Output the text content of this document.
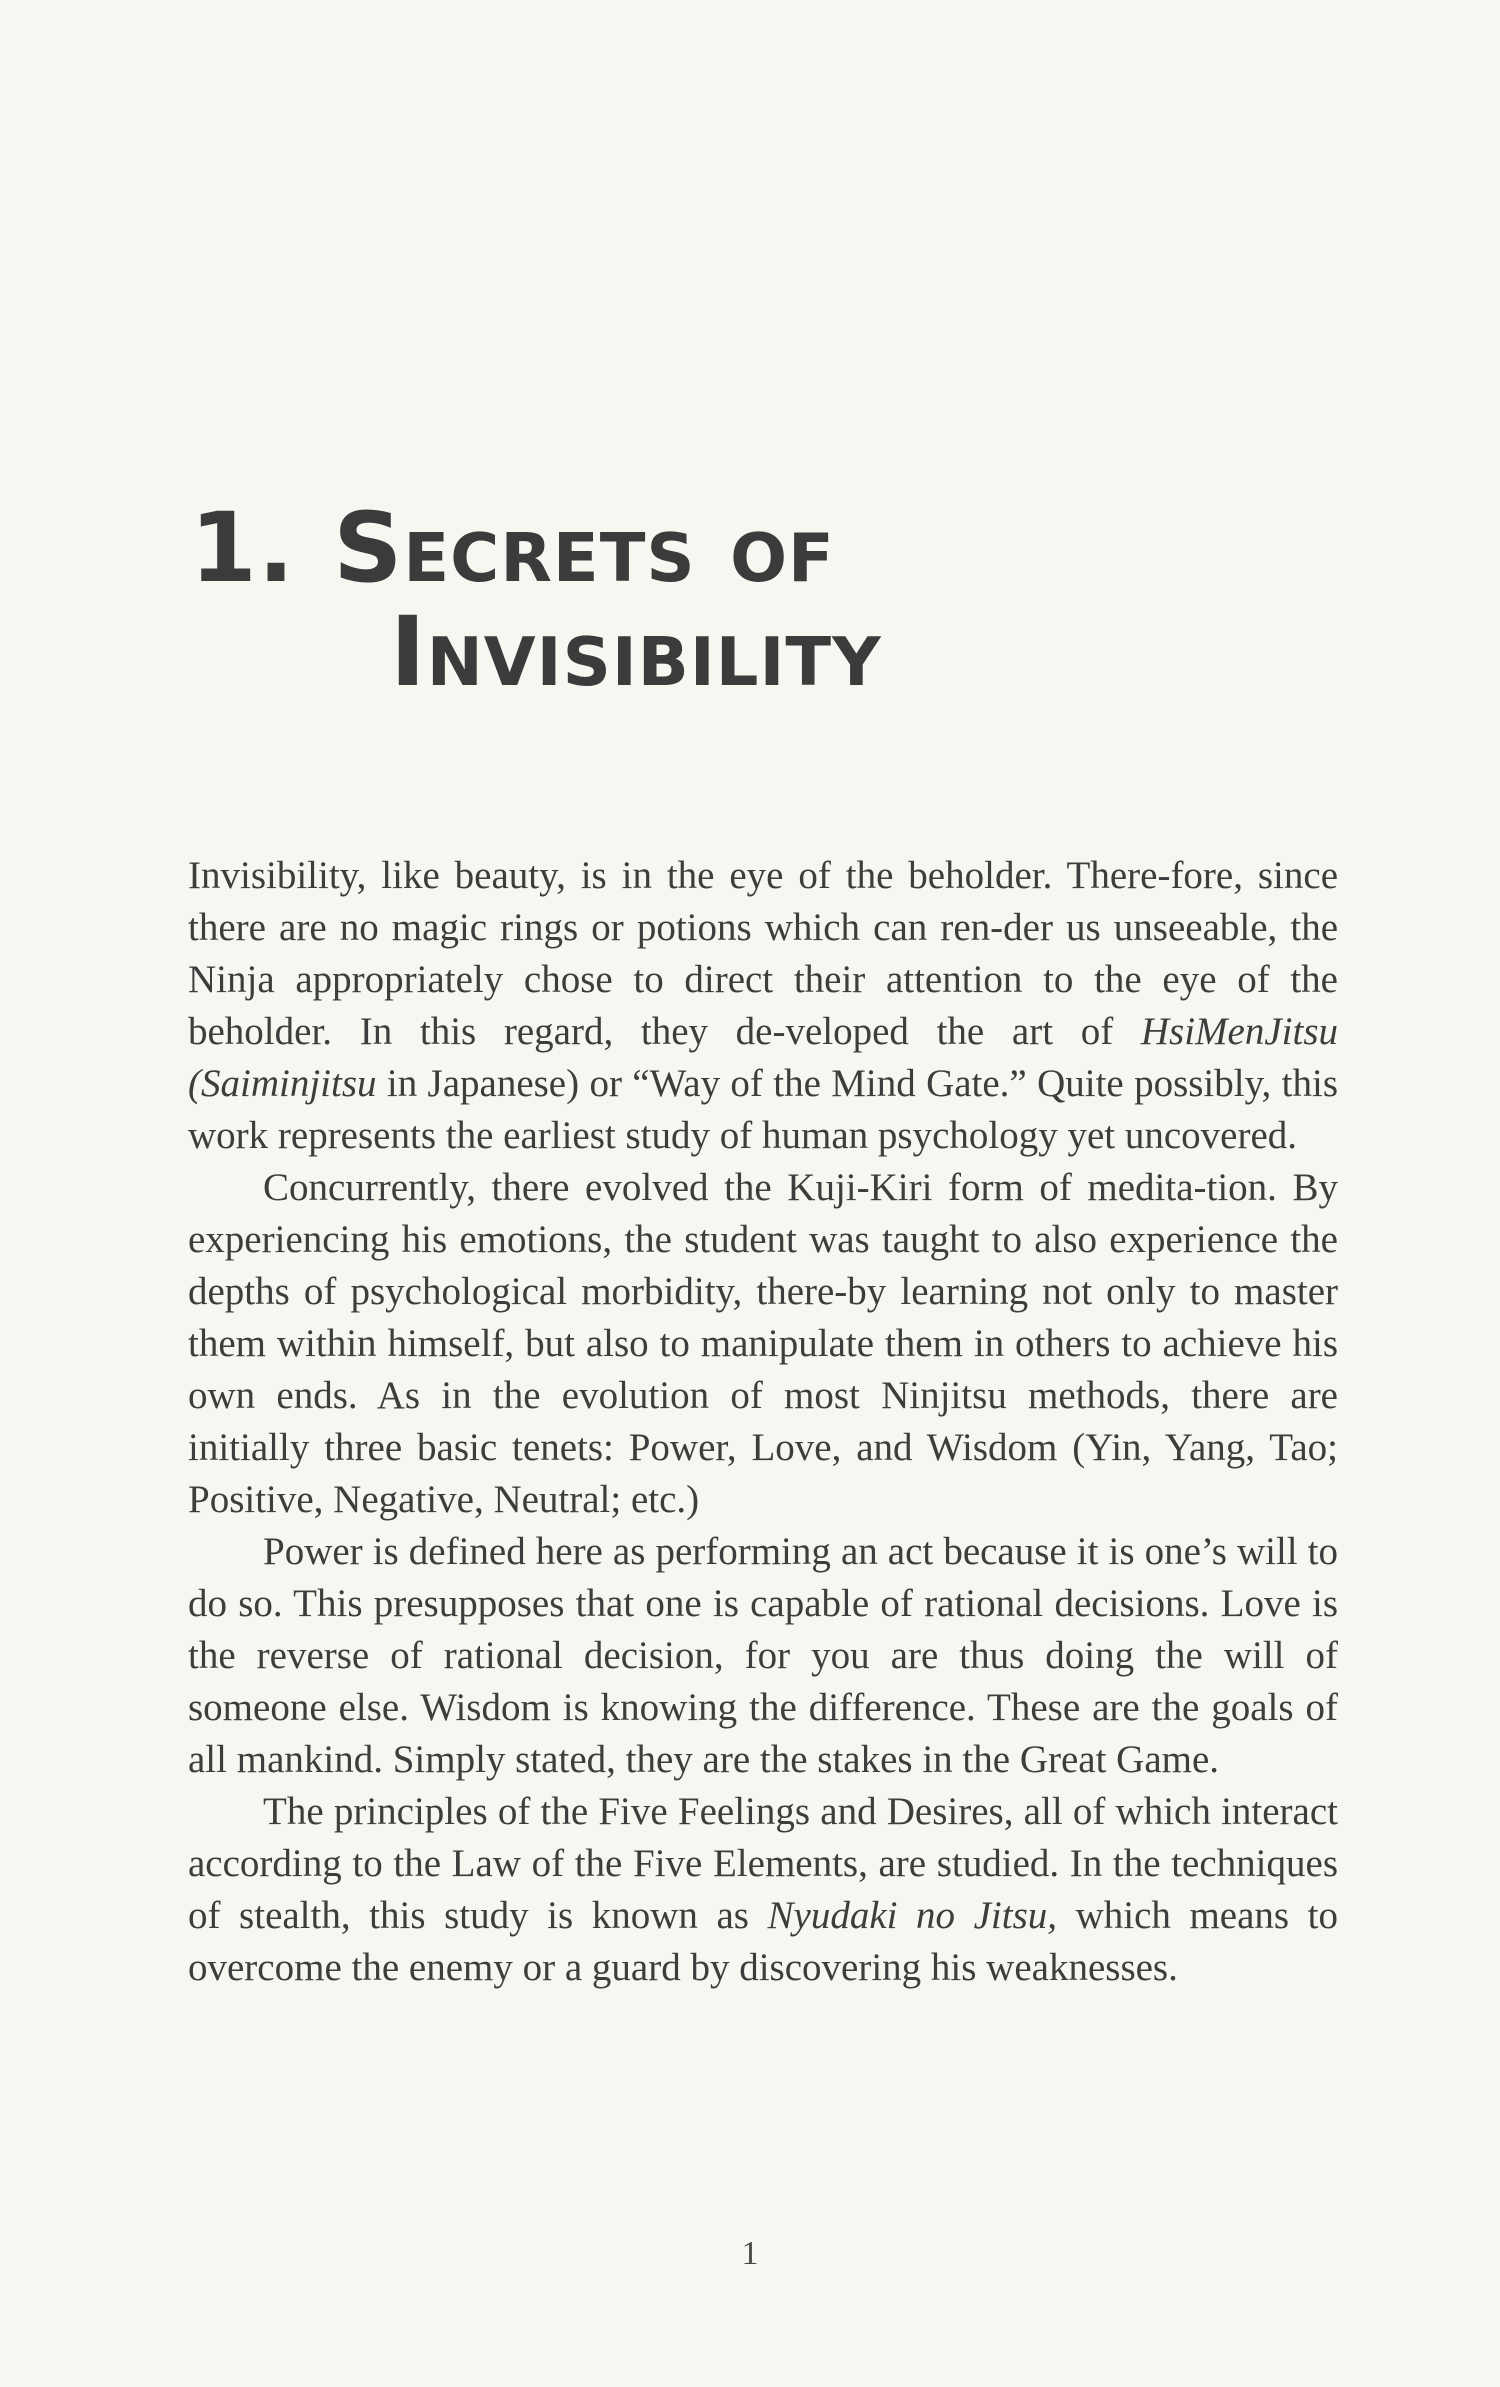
1. Secrets of
Invisibility

Invisibility, like beauty, is in the eye of the beholder. There-fore, since there are no magic rings or potions which can ren-der us unseeable, the Ninja appropriately chose to direct their attention to the eye of the beholder. In this regard, they de-veloped the art of HsiMenJitsu (Saiminjitsu in Japanese) or “Way of the Mind Gate.” Quite possibly, this work represents the earliest study of human psychology yet uncovered.

Concurrently, there evolved the Kuji-Kiri form of medita-tion. By experiencing his emotions, the student was taught to also experience the depths of psychological morbidity, there-by learning not only to master them within himself, but also to manipulate them in others to achieve his own ends. As in the evolution of most Ninjitsu methods, there are initially three basic tenets: Power, Love, and Wisdom (Yin, Yang, Tao; Positive, Negative, Neutral; etc.)

Power is defined here as performing an act because it is one’s will to do so. This presupposes that one is capable of rational decisions. Love is the reverse of rational decision, for you are thus doing the will of someone else. Wisdom is knowing the difference. These are the goals of all mankind. Simply stated, they are the stakes in the Great Game.

The principles of the Five Feelings and Desires, all of which interact according to the Law of the Five Elements, are studied. In the techniques of stealth, this study is known as Nyudaki no Jitsu, which means to overcome the enemy or a guard by discovering his weaknesses.

1
